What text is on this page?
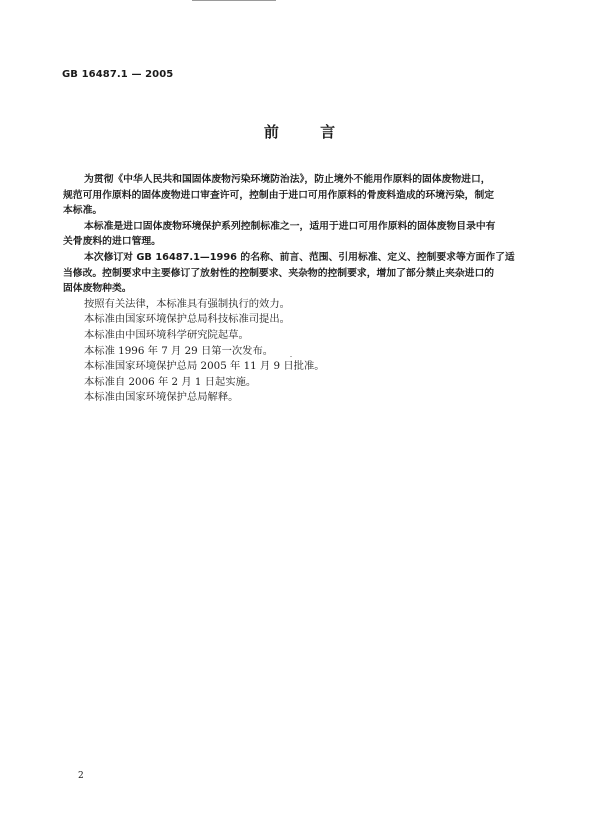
GB 16487.1 — 2005
前 言
为贯彻《中华人民共和国固体废物污染环境防治法》，防止境外不能用作原料的固体废物进口，
规范可用作原料的固体废物进口审查许可，控制由于进口可用作原料的骨废料造成的环境污染，制定
本标准。
本标准是进口固体废物环境保护系列控制标准之一，适用于进口可用作原料的固体废物目录中有
关骨废料的进口管理。
本次修订对 GB 16487.1—1996 的名称、前言、范围、引用标准、定义、控制要求等方面作了适
当修改。控制要求中主要修订了放射性的控制要求、夹杂物的控制要求，增加了部分禁止夹杂进口的
固体废物种类。
按照有关法律，本标准具有强制执行的效力。
本标准由国家环境保护总局科技标准司提出。
本标准由中国环境科学研究院起草。
本标准 1996 年 7 月 29 日第一次发布。
本标准国家环境保护总局 2005 年 11 月 9 日批准。
本标准自 2006 年 2 月 1 日起实施。
本标准由国家环境保护总局解释。
2
